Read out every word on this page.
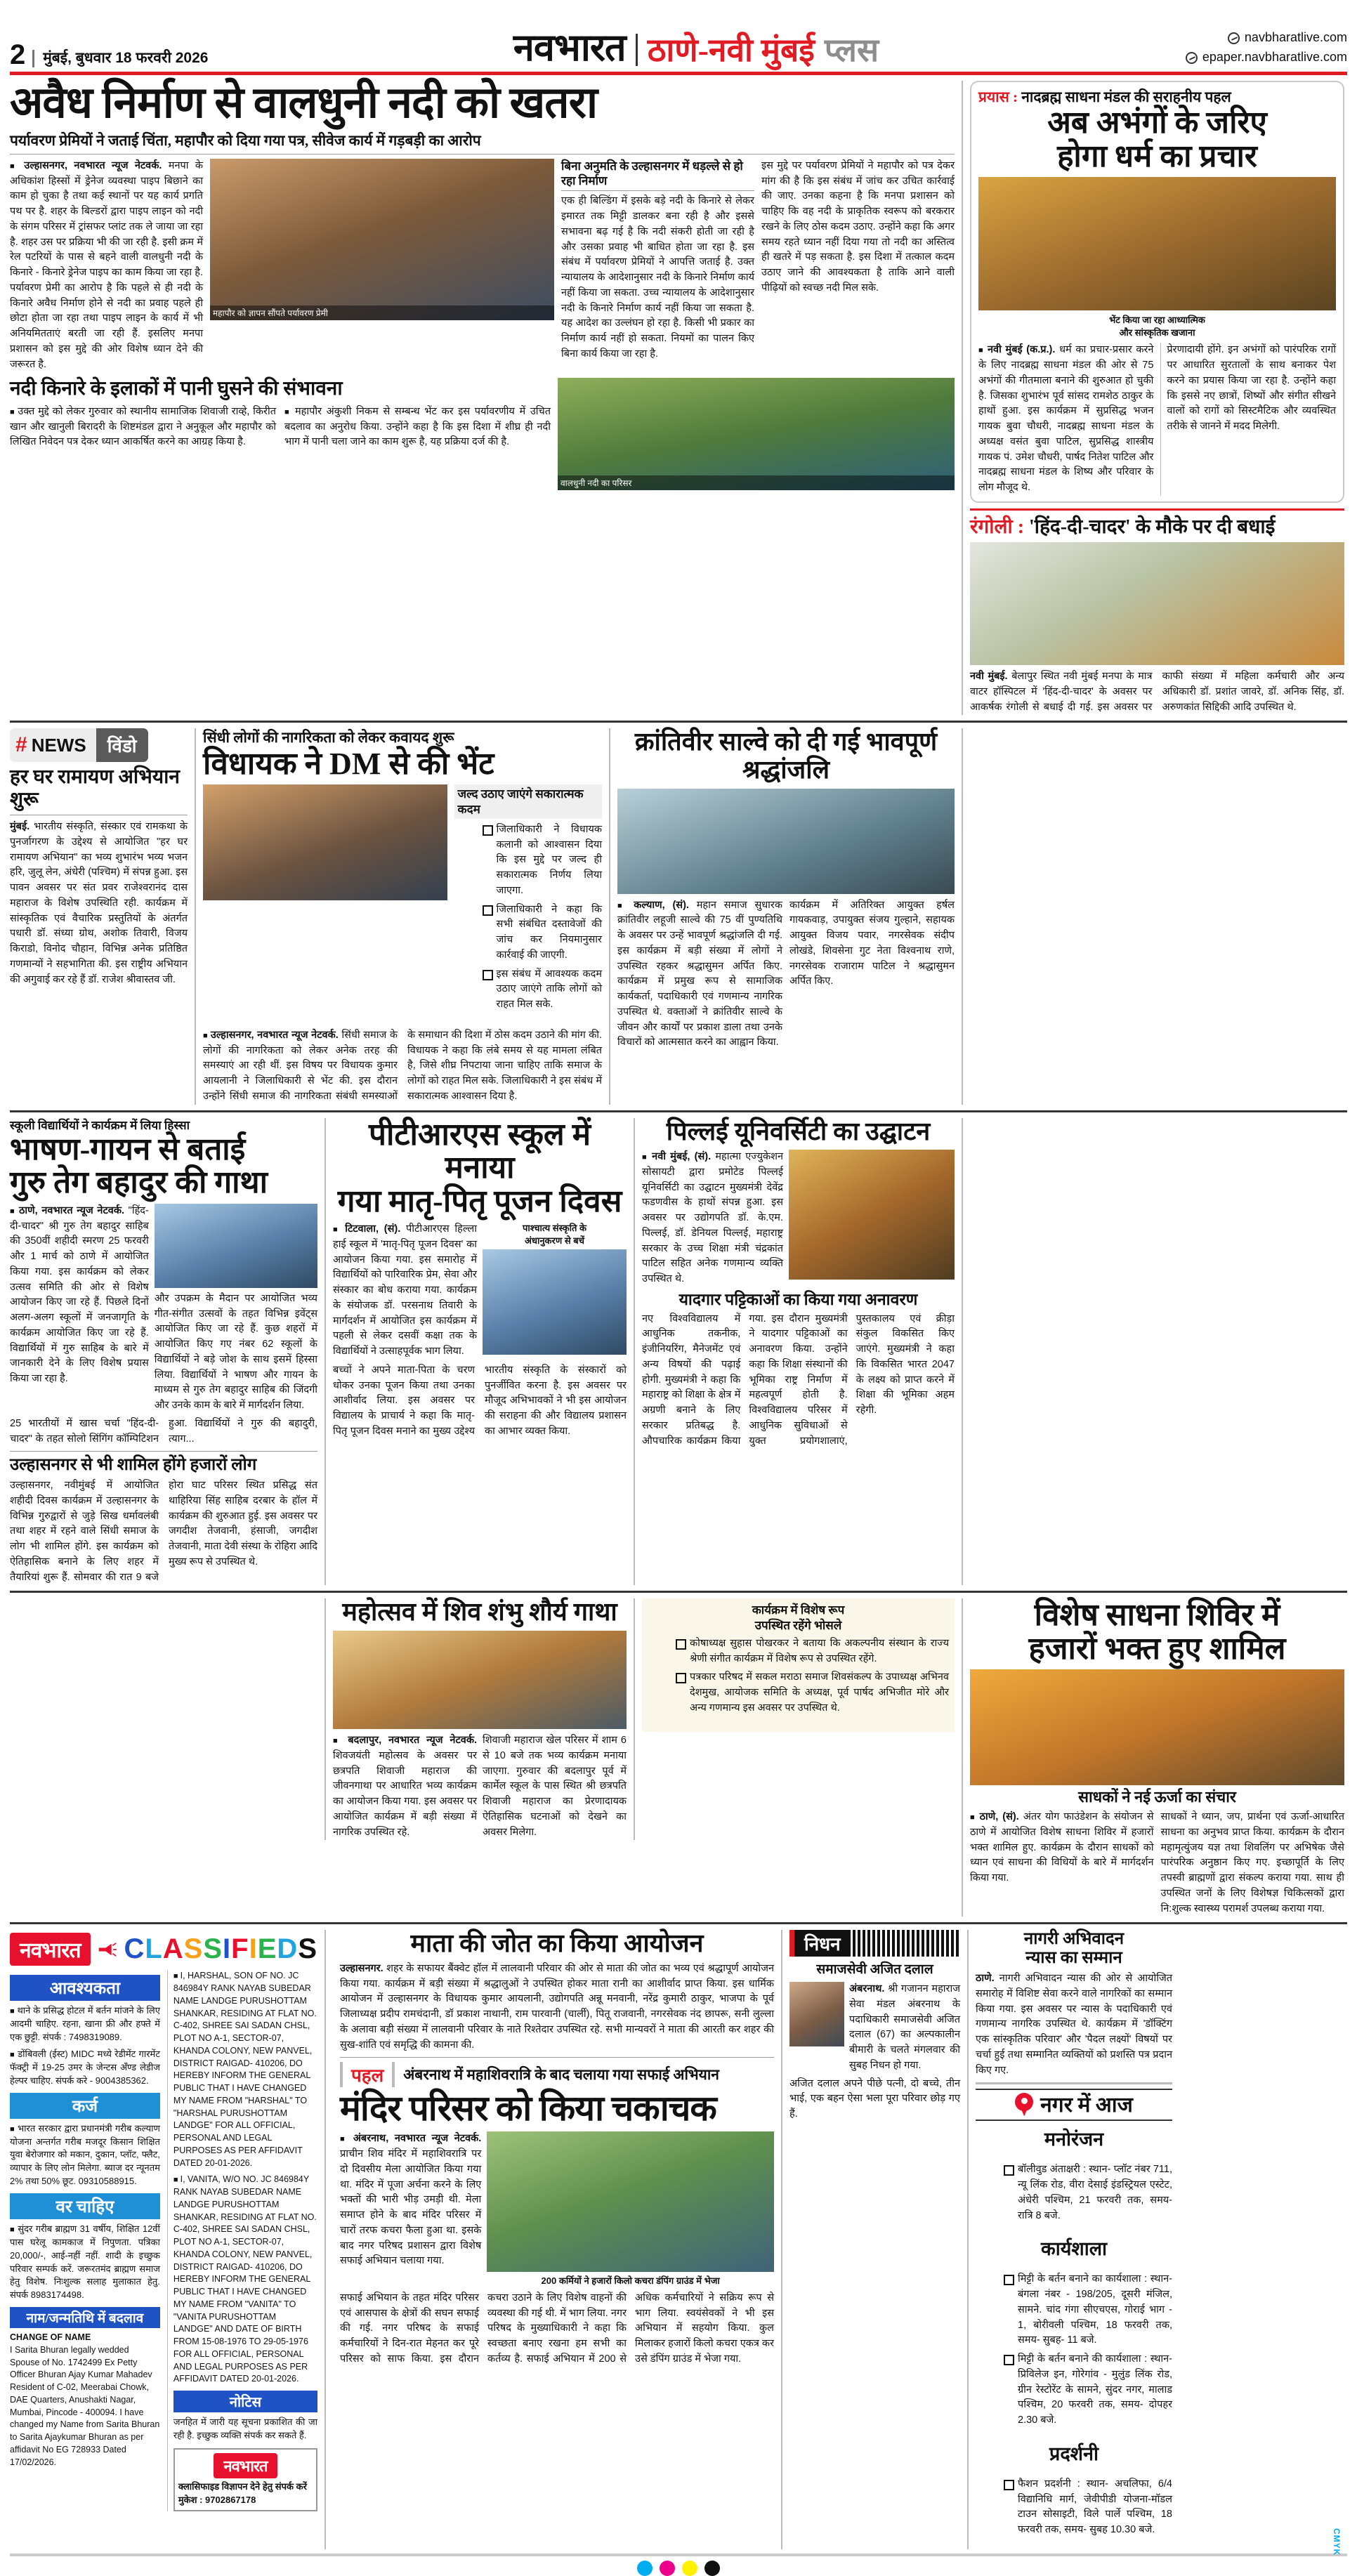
2	मुंबई, बुधवार 18 फरवरी 2026	नवभारत ठाणे-नवी मुंबई प्लस	navbharatlive.com
epaper.navbharatlive.com
अवैध निर्माण से वालधुनी नदी को खतरा
पर्यावरण प्रेमियों ने जताई चिंता, महापौर को दिया गया पत्र, सीवेज कार्य में गड़बड़ी का आरोप
■ उल्हासनगर, नवभारत न्यूज नेटवर्क. मनपा के अधिकांश हिस्सों में ड्रेनेज व्यवस्था पाइप बिछाने का काम हो चुका है तथा कई स्थानों पर यह कार्य प्रगति पथ पर है. शहर के बिल्डरों द्वारा पाइप लाइन को नदी के संगम परिसर में ट्रांसफर प्लांट तक ले जाया जा रहा है. शहर उस पर प्रक्रिया भी की जा रही है. इसी क्रम में रेल पटरियों के पास से बहने वाली वालधुनी नदी के किनारे - किनारे ड्रेनेज पाइप का काम किया जा रहा है. पर्यावरण प्रेमी का आरोप है कि पहले से ही नदी के किनारे अवैध निर्माण होने से नदी का प्रवाह पहले ही छोटा होता जा रहा तथा पाइप लाइन के कार्य में भी अनियमितताएं बरती जा रही हैं. इसलिए मनपा प्रशासन को इस मुद्दे की ओर विशेष ध्यान देने की जरूरत है.
महापौर को ज्ञापन सौंपते पर्यावरण प्रेमी
बिना अनुमति के उल्हासनगर में धड़ल्ले से हो रहा निर्माण
एक ही बिल्डिंग में इसके बड़े नदी के किनारे से लेकर इमारत तक मिट्टी डालकर बना रही है और इससे सभावना बढ़ गई है कि नदी संकरी होती जा रही है और उसका प्रवाह भी बाधित होता जा रहा है. इस संबंध में पर्यावरण प्रेमियों ने आपत्ति जताई है. उक्त न्यायालय के आदेशानुसार नदी के किनारे निर्माण कार्य नहीं किया जा सकता. उच्च न्यायालय के आदेशानुसार नदी के किनारे निर्माण कार्य नहीं किया जा सकता है. यह आदेश का उल्लंघन हो रहा है. किसी भी प्रकार का निर्माण कार्य नहीं हो सकता. नियमों का पालन किए बिना कार्य किया जा रहा है.
इस मुद्दे पर पर्यावरण प्रेमियों ने महापौर को पत्र देकर मांग की है कि इस संबंध में जांच कर उचित कार्रवाई की जाए. उनका कहना है कि मनपा प्रशासन को चाहिए कि वह नदी के प्राकृतिक स्वरूप को बरकरार रखने के लिए ठोस कदम उठाए. उन्होंने कहा कि अगर समय रहते ध्यान नहीं दिया गया तो नदी का अस्तित्व ही खतरे में पड़ सकता है. इस दिशा में तत्काल कदम उठाए जाने की आवश्यकता है ताकि आने वाली पीढ़ियों को स्वच्छ नदी मिल सके.
नदी किनारे के इलाकों में पानी घुसने की संभावना
■ उक्त मुद्दे को लेकर गुरुवार को स्थानीय सामाजिक शिवाजी राव्हे, किरीत खान और खानुली बिरादरी के शिष्टमंडल द्वारा ने अनुकूल और महापौर को लिखित निवेदन पत्र देकर ध्यान आकर्षित करने का आग्रह किया है.
■ महापौर अंकुशी निकम से सम्बन्ध भेंट कर इस पर्यावरणीय में उचित बदलाव का अनुरोध किया. उन्होंने कहा है कि इस दिशा में शीघ्र ही नदी भाग में पानी चला जाने का काम शुरू है, यह प्रक्रिया दर्ज की है.
वालधुनी नदी का परिसर
प्रयास : नादब्रह्म साधना मंडल की सराहनीय पहल
अब अभंगों के जरिए
होगा धर्म का प्रचार
भेंट किया जा रहा आध्यात्मिक
और सांस्कृतिक खजाना
■ नवी मुंबई (क.प्र.). धर्म का प्रचार-प्रसार करने के लिए नादब्रह्म साधना मंडल की ओर से 75 अभंगों की गीतमाला बनाने की शुरुआत हो चुकी है. जिसका शुभारंभ पूर्व सांसद रामशेठ ठाकुर के हाथों हुआ. इस कार्यक्रम में सुप्रसिद्ध भजन गायक बुवा चौधरी, नादब्रह्म साधना मंडल के अध्यक्ष वसंत बुवा पाटिल, सुप्रसिद्ध शास्त्रीय गायक पं. उमेश चौधरी, पार्षद नितेश पाटिल और नादब्रह्म साधना मंडल के शिष्य और परिवार के लोग मौजूद थे.
प्रेरणादायी होंगे. इन अभंगों को पारंपरिक रागों पर आधारित सुरतालों के साथ बनाकर पेश करने का प्रयास किया जा रहा है. उन्होंने कहा कि इससे नए छात्रों, शिष्यों और संगीत सीखने वालों को रागों को सिस्टमैटिक और व्यवस्थित तरीके से जानने में मदद मिलेगी.
रंगोली : 'हिंद-दी-चादर' के मौके पर दी बधाई
नवी मुंबई. बेलापुर स्थित नवी मुंबई मनपा के मात्र वाटर हॉस्पिटल में 'हिंद-दी-चादर' के अवसर पर आकर्षक रंगोली से बधाई दी गई. इस अवसर पर काफी संख्या में महिला कर्मचारी और अन्य अधिकारी डॉ. प्रशांत जावरे, डॉ. अनिक सिंह, डॉ. अरुणकांत सिद्दिकी आदि उपस्थित थे.
# NEWS	विंडो
हर घर रामायण अभियान शुरू
मुंबई. भारतीय संस्कृति, संस्कार एवं रामकथा के पुनर्जागरण के उद्देश्य से आयोजित "हर घर रामायण अभियान" का भव्य शुभारंभ भव्य भजन हरि, जुलू लेन, अंधेरी (पश्चिम) में संपन्न हुआ. इस पावन अवसर पर संत प्रवर राजेश्वरानंद दास महाराज के विशेष उपस्थिति रही. कार्यक्रम में सांस्कृतिक एवं वैचारिक प्रस्तुतियों के अंतर्गत पधारी डॉ. संध्या ग्रोथ, अशोक तिवारी, विजय किराडो, विनोद चौहान, विभिन्न अनेक प्रतिष्ठित गणमान्यों ने सहभागिता की. इस राष्ट्रीय अभियान की अगुवाई कर रहे हैं डॉ. राजेश श्रीवास्तव जी.
सिंधी लोगों की नागरिकता को लेकर कवायद शुरू
विधायक ने DM से की भेंट
जल्द उठाए जाएंगे सकारात्मक कदम
जिलाधिकारी ने विधायक कलानी को आश्वासन दिया कि इस मुद्दे पर जल्द ही सकारात्मक निर्णय लिया जाएगा.
जिलाधिकारी ने कहा कि सभी संबंधित दस्तावेजों की जांच कर नियमानुसार कार्रवाई की जाएगी.
इस संबंध में आवश्यक कदम उठाए जाएंगे ताकि लोगों को राहत मिल सके.
■ उल्हासनगर, नवभारत न्यूज नेटवर्क. सिंधी समाज के लोगों की नागरिकता को लेकर अनेक तरह की समस्याएं आ रही थीं. इस विषय पर विधायक कुमार आयलानी ने जिलाधिकारी से भेंट की. इस दौरान उन्होंने सिंधी समाज की नागरिकता संबंधी समस्याओं के समाधान की दिशा में ठोस कदम उठाने की मांग की. विधायक ने कहा कि लंबे समय से यह मामला लंबित है, जिसे शीघ्र निपटाया जाना चाहिए ताकि समाज के लोगों को राहत मिल सके. जिलाधिकारी ने इस संबंध में सकारात्मक आश्वासन दिया है.
क्रांतिवीर साल्वे को दी गई भावपूर्ण श्रद्धांजलि
■ कल्याण, (सं). महान समाज सुधारक क्रांतिवीर लहूजी साल्वे की 75 वीं पुण्यतिथि के अवसर पर उन्हें भावपूर्ण श्रद्धांजलि दी गई. इस कार्यक्रम में बड़ी संख्या में लोगों ने उपस्थित रहकर श्रद्धासुमन अर्पित किए. कार्यक्रम में प्रमुख रूप से सामाजिक कार्यकर्ता, पदाधिकारी एवं गणमान्य नागरिक उपस्थित थे. वक्ताओं ने क्रांतिवीर साल्वे के जीवन और कार्यों पर प्रकाश डाला तथा उनके विचारों को आत्मसात करने का आह्वान किया.
कार्यक्रम में अतिरिक्त आयुक्त हर्षल गायकवाड़, उपायुक्त संजय गुल्हाने, सहायक आयुक्त विजय पवार, नगरसेवक संदीप लोखंडे, शिवसेना गुट नेता विश्वनाथ राणे, नगरसेवक राजाराम पाटिल ने श्रद्धासुमन अर्पित किए.
स्कूली विद्यार्थियों ने कार्यक्रम में लिया हिस्सा
भाषण-गायन से बताई
गुरु तेग बहादुर की गाथा
■ ठाणे, नवभारत न्यूज नेटवर्क. "हिंद-दी-चादर" श्री गुरु तेग बहादुर साहिब की 350वीं शहीदी स्मरण 25 फरवरी और 1 मार्च को ठाणे में आयोजित किया गया. इस कार्यक्रम को लेकर उत्सव समिति की ओर से विशेष आयोजन किए जा रहे हैं. पिछले दिनों अलग-अलग स्कूलों में जनजागृति के कार्यक्रम आयोजित किए जा रहे हैं. विद्यार्थियों में गुरु साहिब के बारे में जानकारी देने के लिए विशेष प्रयास किया जा रहा है.
और उपक्रम के मैदान पर आयोजित भव्य गीत-संगीत उत्सवों के तहत विभिन्न इवेंट्स आयोजित किए जा रहे हैं. कुछ शहरों में आयोजित किए गए नंबर 62 स्कूलों के विद्यार्थियों ने बड़े जोश के साथ इसमें हिस्सा लिया. विद्यार्थियों ने भाषण और गायन के माध्यम से गुरु तेग बहादुर साहिब की जिंदगी और उनके काम के बारे में मार्गदर्शन लिया.
25 भारतीयों में खास चर्चा "हिंद-दी-चादर" के तहत सोलो सिंगिंग कॉम्पिटिशन हुआ. विद्यार्थियों ने गुरु की बहादुरी, त्याग...
उल्हासनगर से भी शामिल होंगे हजारों लोग
उल्हासनगर, नवीमुंबई में आयोजित शहीदी दिवस कार्यक्रम में उल्हासनगर के विभिन्न गुरुद्वारों से जुड़े सिख धर्मावलंबी तथा शहर में रहने वाले सिंधी समाज के लोग भी शामिल होंगे. इस कार्यक्रम को ऐतिहासिक बनाने के लिए शहर में तैयारियां शुरू हैं. सोमवार की रात 9 बजे होरा घाट परिसर स्थित प्रसिद्ध संत थाहिरिया सिंह साहिब दरबार के हॉल में कार्यक्रम की शुरुआत हुई. इस अवसर पर जगदीश तेजवानी, हंसाजी, जगदीश तेजवानी, माता देवी संस्था के रोहिरा आदि मुख्य रूप से उपस्थित थे.
पीटीआरएस स्कूल में मनाया
गया मातृ-पितृ पूजन दिवस
■ टिटवाला, (सं). पीटीआरएस हिल्ला हाई स्कूल में 'मातृ-पितृ पूजन दिवस' का आयोजन किया गया. इस समारोह में विद्यार्थियों को पारिवारिक प्रेम, सेवा और संस्कार का बोध कराया गया. कार्यक्रम के संयोजक डॉ. परसनाथ तिवारी के मार्गदर्शन में आयोजित इस कार्यक्रम में पहली से लेकर दसवीं कक्षा तक के विद्यार्थियों ने उत्साहपूर्वक भाग लिया.
पाश्चात्य संस्कृति के
अंधानुकरण से बचें
बच्चों ने अपने माता-पिता के चरण धोकर उनका पूजन किया तथा उनका आशीर्वाद लिया. इस अवसर पर विद्यालय के प्राचार्य ने कहा कि मातृ-पितृ पूजन दिवस मनाने का मुख्य उद्देश्य भारतीय संस्कृति के संस्कारों को पुनर्जीवित करना है. इस अवसर पर मौजूद अभिभावकों ने भी इस आयोजन की सराहना की और विद्यालय प्रशासन का आभार व्यक्त किया.
पिल्लई यूनिवर्सिटी का उद्घाटन
■ नवी मुंबई, (सं). महात्मा एज्युकेशन सोसायटी द्वारा प्रमोटेड पिल्लई यूनिवर्सिटी का उद्घाटन मुख्यमंत्री देवेंद्र फडणवीस के हाथों संपन्न हुआ. इस अवसर पर उद्योगपति डॉ. के.एम. पिल्लई, डॉ. डेनियल पिल्लई, महाराष्ट्र सरकार के उच्च शिक्षा मंत्री चंद्रकांत पाटिल सहित अनेक गणमान्य व्यक्ति उपस्थित थे.
यादगार पट्टिकाओं का किया गया अनावरण
नए विश्वविद्यालय में आधुनिक तकनीक, इंजीनियरिंग, मैनेजमेंट एवं अन्य विषयों की पढ़ाई होगी. मुख्यमंत्री ने कहा कि महाराष्ट्र को शिक्षा के क्षेत्र में अग्रणी बनाने के लिए सरकार प्रतिबद्ध है. औपचारिक कार्यक्रम किया गया. इस दौरान मुख्यमंत्री ने यादगार पट्टिकाओं का अनावरण किया. उन्होंने कहा कि शिक्षा संस्थानों की भूमिका राष्ट्र निर्माण में महत्वपूर्ण होती है. विश्वविद्यालय परिसर में आधुनिक सुविधाओं से युक्त प्रयोगशालाएं, पुस्तकालय एवं क्रीड़ा संकुल विकसित किए जाएंगे. मुख्यमंत्री ने कहा कि विकसित भारत 2047 के लक्ष्य को प्राप्त करने में शिक्षा की भूमिका अहम रहेगी.
महोत्सव में शिव शंभु शौर्य गाथा
■ बदलापुर, नवभारत न्यूज नेटवर्क. शिवजयंती महोत्सव के अवसर पर छत्रपति शिवाजी महाराज की जीवनगाथा पर आधारित भव्य कार्यक्रम का आयोजन किया गया. इस अवसर पर आयोजित कार्यक्रम में बड़ी संख्या में नागरिक उपस्थित रहे.
शिवाजी महाराज खेल परिसर में शाम 6 से 10 बजे तक भव्य कार्यक्रम मनाया जाएगा. गुरुवार की बदलापुर पूर्व में कार्मेल स्कूल के पास स्थित श्री छत्रपति शिवाजी महाराज का प्रेरणादायक ऐतिहासिक घटनाओं को देखने का अवसर मिलेगा.
कार्यक्रम में विशेष रूप
उपस्थित रहेंगे भोसले
कोषाध्यक्ष सुहास पोखरकर ने बताया कि अकल्पनीय संस्थान के राज्य श्रेणी संगीत कार्यक्रम में विशेष रूप से उपस्थित रहेंगे.
पत्रकार परिषद में सकल मराठा समाज शिवसंकल्प के उपाध्यक्ष अभिनव देशमुख, आयोजक समिति के अध्यक्ष, पूर्व पार्षद अभिजीत मोरे और अन्य गणमान्य इस अवसर पर उपस्थित थे.
विशेष साधना शिविर में
हजारों भक्त हुए शामिल
साधकों ने नई ऊर्जा का संचार
■ ठाणे, (सं). अंतर योग फाउंडेशन के संयोजन से ठाणे में आयोजित विशेष साधना शिविर में हजारों भक्त शामिल हुए. कार्यक्रम के दौरान साधकों को ध्यान एवं साधना की विधियों के बारे में मार्गदर्शन किया गया.
साधकों ने ध्यान, जप, प्रार्थना एवं ऊर्जा-आधारित साधना का अनुभव प्राप्त किया. कार्यक्रम के दौरान महामृत्युंजय यज्ञ तथा शिवलिंग पर अभिषेक जैसे पारंपरिक अनुष्ठान किए गए. इच्छापूर्ति के लिए तपस्वी ब्राह्मणों द्वारा संकल्प कराया गया. साथ ही उपस्थित जनों के लिए विशेषज्ञ चिकित्सकों द्वारा नि:शुल्क स्वास्थ्य परामर्श उपलब्ध कराया गया.
नवभारत	CLASSIFIEDS
आवश्यकता
■ थाने के प्रसिद्ध होटल में बर्तन मांजने के लिए आदमी चाहिए. रहना, खाना फ्री और हफ्ते में एक छुट्टी. संपर्क : 7498319089.
■ डोंबिवली (ईस्ट) MIDC मध्ये रेडीमेंट गारमेंट फॅक्ट्री में 19-25 उमर के जेन्टस अँण्ड लेडीज हेल्पर चाहिए. संपर्क करे - 9004385362.
कर्ज
■ भारत सरकार द्वारा प्रधानमंत्री गरीब कल्याण योजना अन्तर्गत गरीब मजदूर किसान शिक्षित युवा बेरोजगार को मकान, दुकान, प्लॉट, फ्लैट, व्यापार के लिए लोन मिलेगा. ब्याज दर न्यूनतम 2% तथा 50% छूट. 09310588915.
वर चाहिए
■ सुंदर गरीब ब्राह्मण 31 वर्षीय, शिक्षित 12वीं पास घरेलू कामकाज में निपुणता. पत्रिका 20,000/-, आई-नहीं नहीं. शादी के इच्छुक परिवार सम्पर्क करें. जरूरतमंद ब्राह्मण समाज हेतु विशेष. निःशुल्क सलाह मुलाकात हेतु. संपर्क 8983174498.
नाम/जन्मतिथि में बदलाव
CHANGE OF NAME
I Sarita Bhuran legally wedded Spouse of No. 1742499 Ex Petty Officer Bhuran Ajay Kumar Mahadev Resident of C-02, Meerabai Chowk, DAE Quarters, Anushakti Nagar, Mumbai, Pincode - 400094. I have changed my Name from Sarita Bhuran to Sarita Ajaykumar Bhuran as per affidavit No EG 728933 Dated 17/02/2026.
■ I, HARSHAL, SON OF NO. JC 846984Y RANK NAYAB SUBEDAR NAME LANDGE PURUSHOTTAM SHANKAR, RESIDING AT FLAT NO. C-402, SHREE SAI SADAN CHSL, PLOT NO A-1, SECTOR-07, KHANDA COLONY, NEW PANVEL, DISTRICT RAIGAD- 410206, DO HEREBY INFORM THE GENERAL PUBLIC THAT I HAVE CHANGED MY NAME FROM "HARSHAL" TO "HARSHAL PURUSHOTTAM LANDGE" FOR ALL OFFICIAL, PERSONAL AND LEGAL PURPOSES AS PER AFFIDAVIT DATED 20-01-2026.
■ I, VANITA, W/O NO. JC 846984Y RANK NAYAB SUBEDAR NAME LANDGE PURUSHOTTAM SHANKAR, RESIDING AT FLAT NO. C-402, SHREE SAI SADAN CHSL, PLOT NO A-1, SECTOR-07, KHANDA COLONY, NEW PANVEL, DISTRICT RAIGAD- 410206, DO HEREBY INFORM THE GENERAL PUBLIC THAT I HAVE CHANGED MY NAME FROM "VANITA" TO "VANITA PURUSHOTTAM LANDGE" AND DATE OF BIRTH FROM 15-08-1976 TO 29-05-1976 FOR ALL OFFICIAL, PERSONAL AND LEGAL PURPOSES AS PER AFFIDAVIT DATED 20-01-2026.
नोटिस
जनहित में जारी यह सूचना प्रकाशित की जा रही है. इच्छुक व्यक्ति संपर्क कर सकते हैं.
नवभारत
क्लासिफाइड विज्ञापन देने हेतु संपर्क करें
मुकेश : 9702867178
माता की जोत का किया आयोजन
उल्हासनगर. शहर के सफायर बैंक्वेट हॉल में लालवानी परिवार की ओर से माता की जोत का भव्य एवं श्रद्धापूर्ण आयोजन किया गया. कार्यक्रम में बड़ी संख्या में श्रद्धालुओं ने उपस्थित होकर माता रानी का आशीर्वाद प्राप्त किया. इस धार्मिक आयोजन में उल्हासनगर के विधायक कुमार आयलानी, उद्योगपति अन्नू मनवानी, नरेंद्र कुमारी ठाकुर, भाजपा के पूर्व जिलाध्यक्ष प्रदीप रामचंदानी, डॉ प्रकाश नाथानी, राम पारवानी (चार्ली), पितू राजवानी, नगरसेवक नंद छापरू, सनी लुल्ला के अलावा बड़ी संख्या में लालवानी परिवार के नाते रिश्तेदार उपस्थित रहे. सभी मान्यवरों ने माता की आरती कर शहर की सुख-शांति एवं समृद्धि की कामना की.
पहल	अंबरनाथ में महाशिवरात्रि के बाद चलाया गया सफाई अभियान
मंदिर परिसर को किया चकाचक
■ अंबरनाथ, नवभारत न्यूज नेटवर्क. प्राचीन शिव मंदिर में महाशिवरात्रि पर दो दिवसीय मेला आयोजित किया गया था. मंदिर में पूजा अर्चना करने के लिए भक्तों की भारी भीड़ उमड़ी थी. मेला समाप्त होने के बाद मंदिर परिसर में चारों तरफ कचरा फैला हुआ था. इसके बाद नगर परिषद प्रशासन द्वारा विशेष सफाई अभियान चलाया गया.
200 कर्मियों ने हजारों किलो कचरा डंपिंग ग्राउंड में भेजा
सफाई अभियान के तहत मंदिर परिसर एवं आसपास के क्षेत्रों की सघन सफाई की गई. नगर परिषद के सफाई कर्मचारियों ने दिन-रात मेहनत कर पूरे परिसर को साफ किया. इस दौरान कचरा उठाने के लिए विशेष वाहनों की व्यवस्था की गई थी. में भाग लिया. नगर परिषद के मुख्याधिकारी ने कहा कि स्वच्छता बनाए रखना हम सभी का कर्तव्य है. सफाई अभियान में 200 से अधिक कर्मचारियों ने सक्रिय रूप से भाग लिया. स्वयंसेवकों ने भी इस अभियान में सहयोग किया. कुल मिलाकर हजारों किलो कचरा एकत्र कर उसे डंपिंग ग्राउंड में भेजा गया.
निधन
समाजसेवी अजित दलाल
अंबरनाथ. श्री गजानन महाराज सेवा मंडल अंबरनाथ के पदाधिकारी समाजसेवी अजित दलाल (67) का अल्पकालीन बीमारी के चलते मंगलवार की सुबह निधन हो गया.
अजित दलाल अपने पीछे पत्नी, दो बच्चे, तीन भाई, एक बहन ऐसा भला पूरा परिवार छोड़ गए हैं.
नागरी अभिवादन
न्यास का सम्मान
ठाणे. नागरी अभिवादन न्यास की ओर से आयोजित समारोह में विशिष्ट सेवा करने वाले नागरिकों का सम्मान किया गया. इस अवसर पर न्यास के पदाधिकारी एवं गणमान्य नागरिक उपस्थित थे. कार्यक्रम में 'डॉक्टिंग एक सांस्कृतिक परिवार' और 'पैदल लक्ष्यों' विषयों पर चर्चा हुई तथा सम्मानित व्यक्तियों को प्रशस्ति पत्र प्रदान किए गए.
नगर में आज
मनोरंजन
बॉलीवुड अंताक्षरी : स्थान- प्लॉट नंबर 711, न्यू लिंक रोड, वीरा देसाई इंडस्ट्रियल एस्टेट, अंधेरी पश्चिम, 21 फरवरी तक, समय- रात्रि 8 बजे.
कार्यशाला
मिट्टी के बर्तन बनाने का कार्यशाला : स्थान- बंगला नंबर - 198/205, दूसरी मंजिल, सामने. चांद गंगा सीएचएस, गोराई भाग - 1, बोरीवली पश्चिम, 18 फरवरी तक, समय- सुबह- 11 बजे.
मिट्टी के बर्तन बनाने की कार्यशाला : स्थान- प्रिविलेज इन, गोरेगांव - मुलुंड लिंक रोड, ग्रीन रेस्टोरेंट के सामने, सुंदर नगर, मालाड पश्चिम, 20 फरवरी तक, समय- दोपहर 2.30 बजे.
प्रदर्शनी
फैशन प्रदर्शनी : स्थान- अचलिफा, 6/4 विद्यानिधि मार्ग, जेवीपीडी योजना-मॉडल टाउन सोसाइटी, विले पार्ले पश्चिम, 18 फरवरी तक, समय- सुबह 10.30 बजे.	CMYK
